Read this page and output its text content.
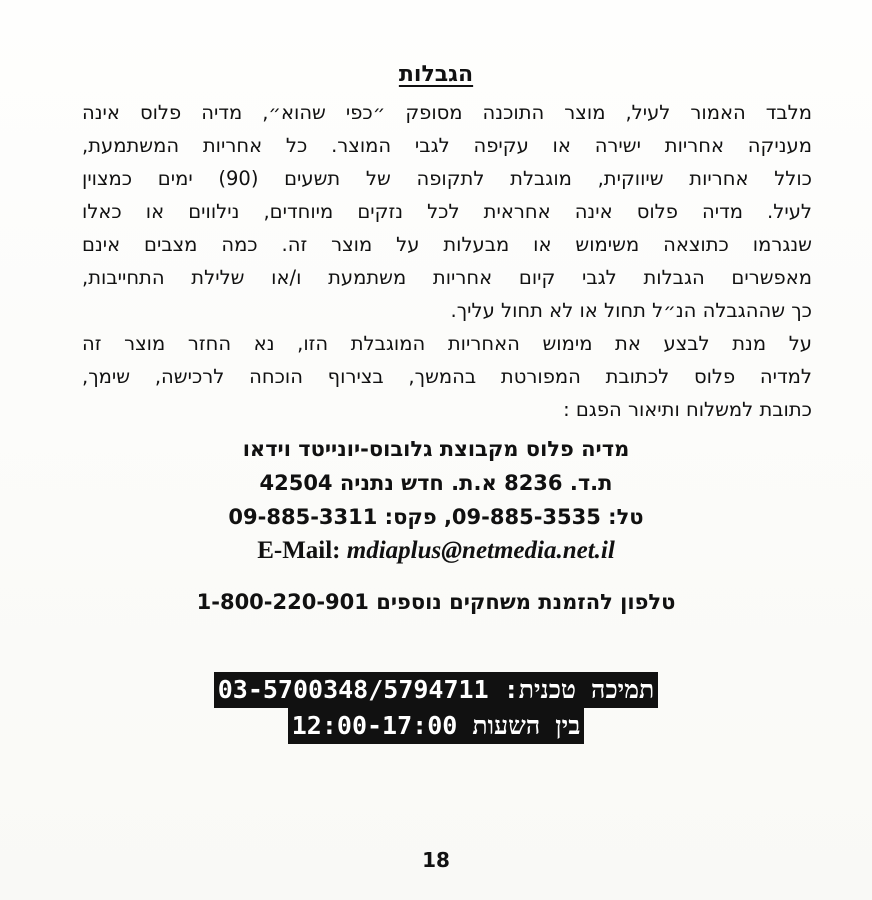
הגבלות
מלבד האמור לעיל, מוצר התוכנה מסופק ״כפי שהוא״, מדיה פלוס אינה
מעניקה אחריות ישירה או עקיפה לגבי המוצר. כל אחריות המשתמעת,
כולל אחריות שיווקית, מוגבלת לתקופה של תשעים (90) ימים כמצוין
לעיל. מדיה פלוס אינה אחראית לכל נזקים מיוחדים, נילווים או כאלו
שנגרמו כתוצאה משימוש או מבעלות על מוצר זה. כמה מצבים אינם
מאפשרים הגבלות לגבי קיום אחריות משתמעת ו/או שלילת התחייבות,
כך שההגבלה הנ״ל תחול או לא תחול עליך.
על מנת לבצע את מימוש האחריות המוגבלת הזו, נא החזר מוצר זה
למדיה פלוס לכתובת המפורטת בהמשך, בצירוף הוכחה לרכישה, שימך,
כתובת למשלוח ותיאור הפגם :
מדיה פלוס מקבוצת גלובוס-יונייטד וידאו
ת.ד. 8236 א.ת. חדש נתניה 42504
טל: 09-885-3535, פקס: 09-885-3311
E-Mail: mdiaplus@netmedia.net.il
טלפון להזמנת משחקים נוספים 1-800-220-901
תמיכה טכנית: 03-5700348/5794711
בין השעות 12:00-17:00
18
